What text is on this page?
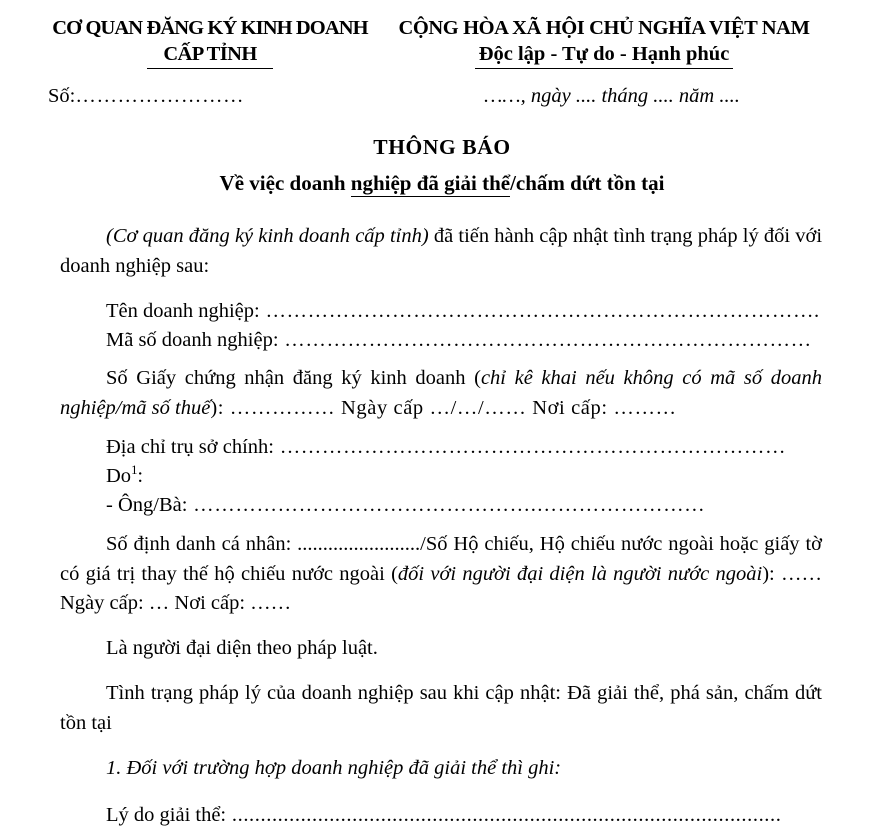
CƠ QUAN ĐĂNG KÝ KINH DOANH
CẤP TỈNH
CỘNG HÒA XÃ HỘI CHỦ NGHĨA VIỆT NAM
Độc lập - Tự do - Hạnh phúc
Số:……………………	……, ngày .... tháng .... năm ....
THÔNG BÁO
Về việc doanh nghiệp đã giải thể/chấm dứt tồn tại

(Cơ quan đăng ký kinh doanh cấp tỉnh) đã tiến hành cập nhật tình trạng pháp lý đối với doanh nghiệp sau:

Tên doanh nghiệp: …………………………………………………………………….

Mã số doanh nghiệp: …………………………………………………………………

Số Giấy chứng nhận đăng ký kinh doanh (chỉ kê khai nếu không có mã số doanh nghiệp/mã số thuế): …………… Ngày cấp …/…/…… Nơi cấp: ………

Địa chỉ trụ sở chính: ………………………………………………………………

Do$^1$:

- Ông/Bà: ………………………………………….……………………

Số định danh cá nhân: ......................../Số Hộ chiếu, Hộ chiếu nước ngoài hoặc giấy tờ có giá trị thay thế hộ chiếu nước ngoài (đối với người đại diện là người nước ngoài): …… Ngày cấp: … Nơi cấp: ……

Là người đại diện theo pháp luật.

Tình trạng pháp lý của doanh nghiệp sau khi cập nhật: Đã giải thể, phá sản, chấm dứt tồn tại

1. Đối với trường hợp doanh nghiệp đã giải thể thì ghi:

Lý do giải thể: ................................................................................................
